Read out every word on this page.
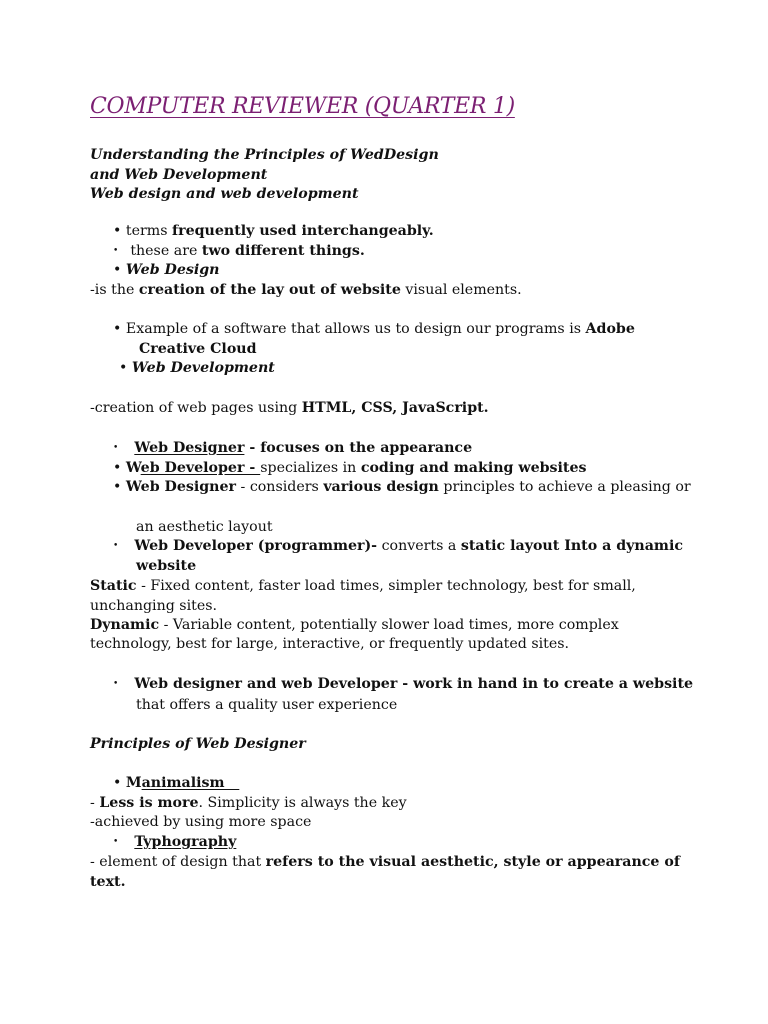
COMPUTER REVIEWER (QUARTER 1)

Understanding the Principles of WedDesign

and Web Development

Web design and web development

• terms frequently used interchangeably.

• these are two different things.

• Web Design

-is the creation of the lay out of website visual elements.

• Example of a software that allows us to design our programs is Adobe

Creative Cloud

• Web Development

-creation of web pages using HTML, CSS, JavaScript.

• Web Designer - focuses on the appearance

• Web Developer - specializes in coding and making websites

• Web Designer - considers various design principles to achieve a pleasing or

an aesthetic layout

• Web Developer (programmer)- converts a static layout Into a dynamic

website

Static - Fixed content, faster load times, simpler technology, best for small,

unchanging sites.

Dynamic - Variable content, potentially slower load times, more complex

technology, best for large, interactive, or frequently updated sites.

• Web designer and web Developer - work in hand in to create a website

that offers a quality user experience

Principles of Web Designer

• Manimalism

- Less is more. Simplicity is always the key

-achieved by using more space

• Typhography

- element of design that refers to the visual aesthetic, style or appearance of

text.
